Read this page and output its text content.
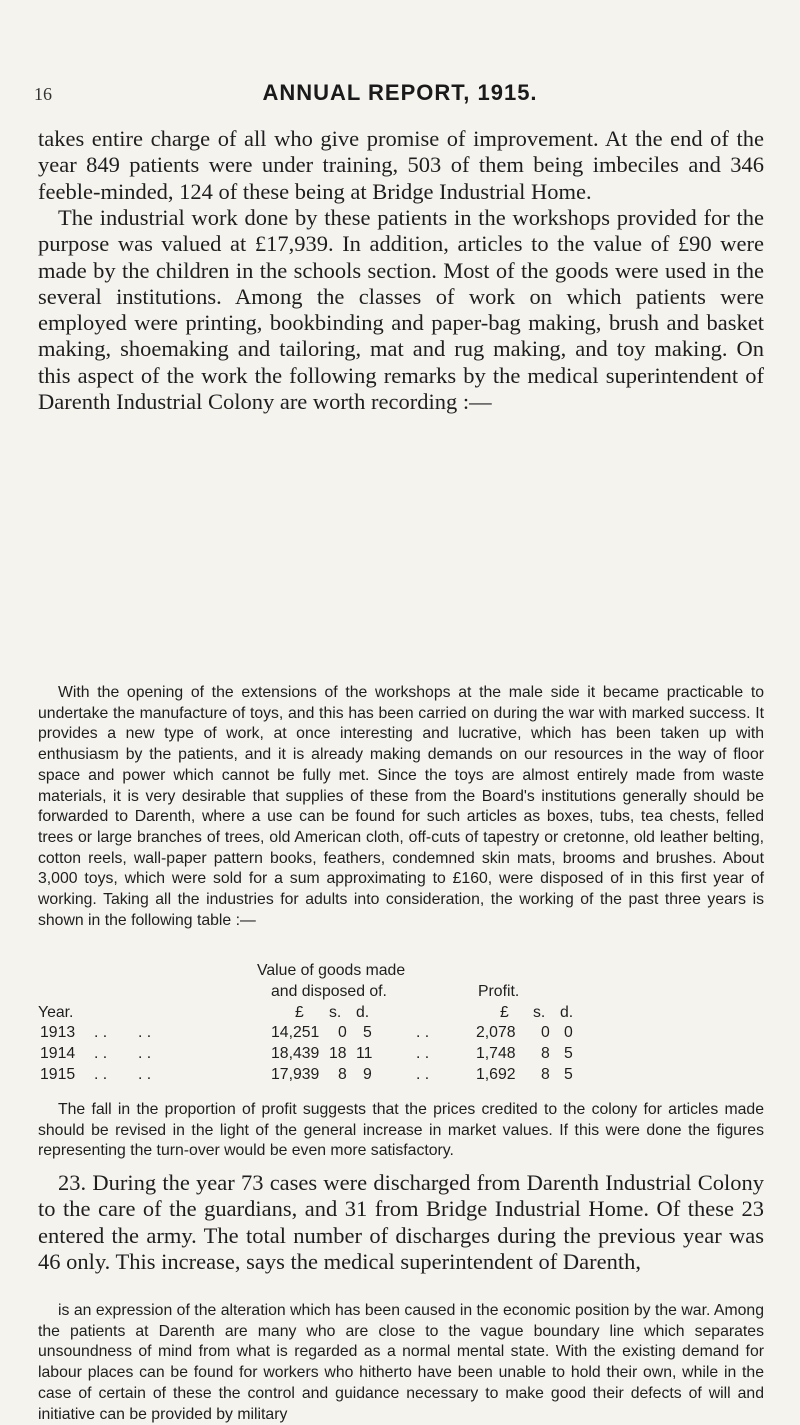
16	ANNUAL REPORT, 1915.

takes entire charge of all who give promise of improvement. At the end of the year 849 patients were under training, 503 of them being imbeciles and 346 feeble-minded, 124 of these being at Bridge Industrial Home.

The industrial work done by these patients in the workshops provided for the purpose was valued at £17,939. In addition, articles to the value of £90 were made by the children in the schools section. Most of the goods were used in the several institutions. Among the classes of work on which patients were employed were printing, bookbinding and paper-bag making, brush and basket making, shoemaking and tailoring, mat and rug making, and toy making. On this aspect of the work the following remarks by the medical superintendent of Darenth Industrial Colony are worth recording :—

With the opening of the extensions of the workshops at the male side it became practicable to undertake the manufacture of toys, and this has been carried on during the war with marked success. It provides a new type of work, at once interesting and lucrative, which has been taken up with enthusiasm by the patients, and it is already making demands on our resources in the way of floor space and power which cannot be fully met. Since the toys are almost entirely made from waste materials, it is very desirable that supplies of these from the Board's institutions generally should be forwarded to Darenth, where a use can be found for such articles as boxes, tubs, tea chests, felled trees or large branches of trees, old American cloth, off-cuts of tapestry or cretonne, old leather belting, cotton reels, wall-paper pattern books, feathers, condemned skin mats, brooms and brushes. About 3,000 toys, which were sold for a sum approximating to £160, were disposed of in this first year of working. Taking all the industries for adults into consideration, the working of the past three years is shown in the following table :—

Value of goods made
and disposed of.	Profit.
Year.	£ s. d.	£ s. d.
1913 . . . .	14,251 0 5	. .	2,078 0 0
1914 . . . .	18,439 18 11	. .	1,748 8 5
1915 . . . .	17,939 8 9	. .	1,692 8 5

The fall in the proportion of profit suggests that the prices credited to the colony for articles made should be revised in the light of the general increase in market values. If this were done the figures representing the turn-over would be even more satisfactory.

23. During the year 73 cases were discharged from Darenth Industrial Colony to the care of the guardians, and 31 from Bridge Industrial Home. Of these 23 entered the army. The total number of discharges during the previous year was 46 only. This increase, says the medical superintendent of Darenth,

is an expression of the alteration which has been caused in the economic position by the war. Among the patients at Darenth are many who are close to the vague boundary line which separates unsoundness of mind from what is regarded as a normal mental state. With the existing demand for labour places can be found for workers who hitherto have been unable to hold their own, while in the case of certain of these the control and guidance necessary to make good their defects of will and initiative can be provided by military
